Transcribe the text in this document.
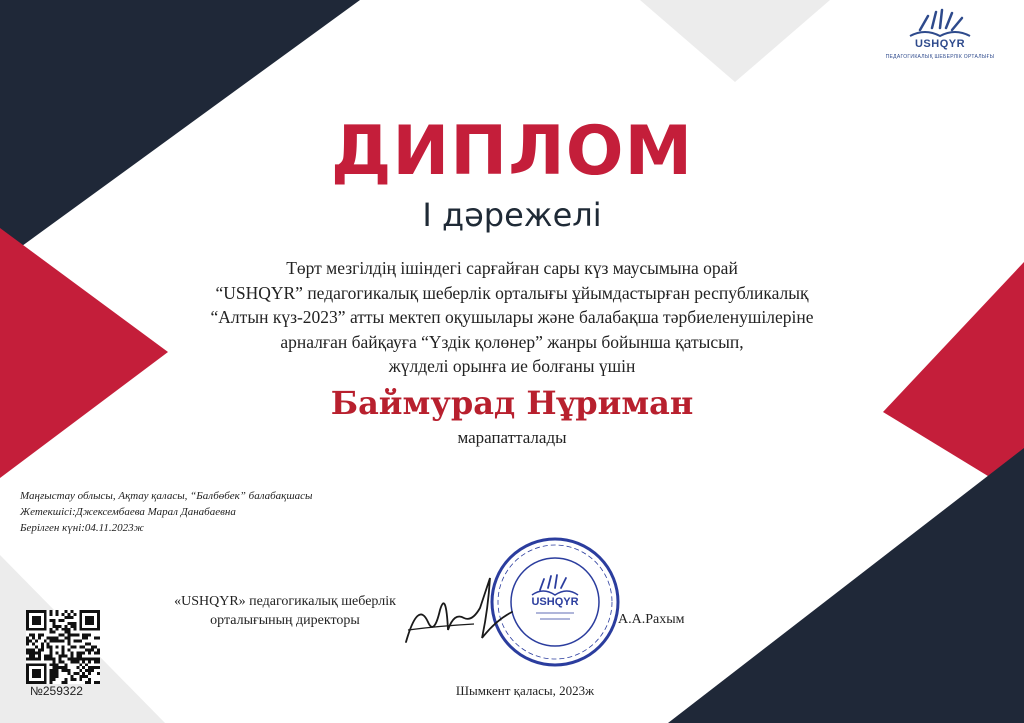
USHQYR
ПЕДАГОГИКАЛЫҚ ШЕБЕРЛІК ОРТАЛЫҒЫ
ДИПЛОМ
І дәрежелі
Төрт мезгілдің ішіндегі сарғайған сары күз маусымына орай
“USHQYR” педагогикалық шеберлік орталығы ұйымдастырған республикалық
“Алтын күз-2023” атты мектеп оқушылары және балабақша тәрбиеленушілеріне
арналған байқауға “Үздік қолөнер” жанры бойынша қатысып,
жүлделі орынға ие болғаны үшін
Баймурад Нұриман
марапатталады
Маңғыстау облысы, Ақтау қаласы, “Балбөбек” балабақшасы
Жетекшісі:Джексембаева Марал Данабаевна
Берілген күні:04.11.2023ж
«USHQYR» педагогикалық шеберлік
орталығының директоры
USHQYR
А.А.Рахым
№259322	Шымкент қаласы, 2023ж
